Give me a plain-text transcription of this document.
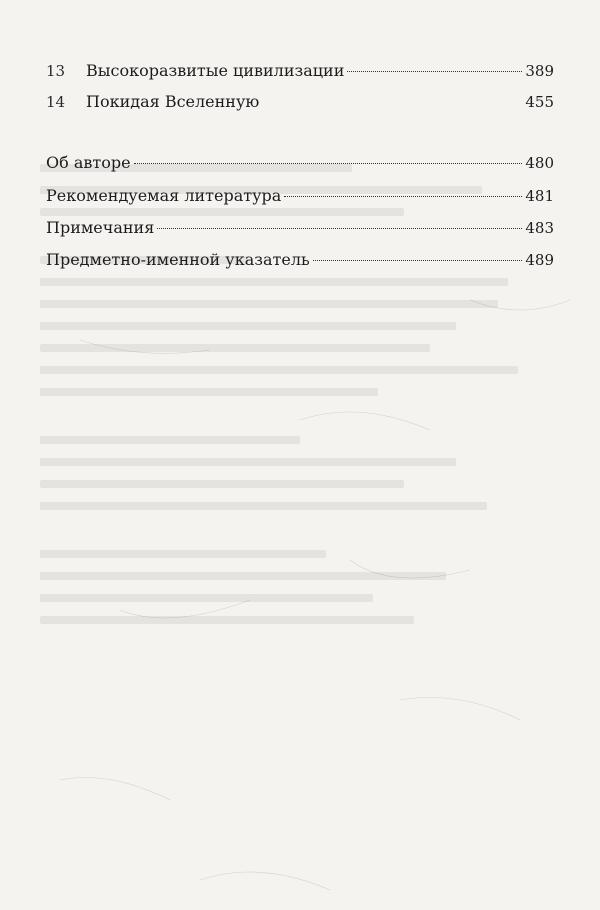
13	Высокоразвитые цивилизации	389
14	Покидая Вселенную	455
Об авторе	480
Рекомендуемая литература	481
Примечания	483
Предметно-именной указатель	489
